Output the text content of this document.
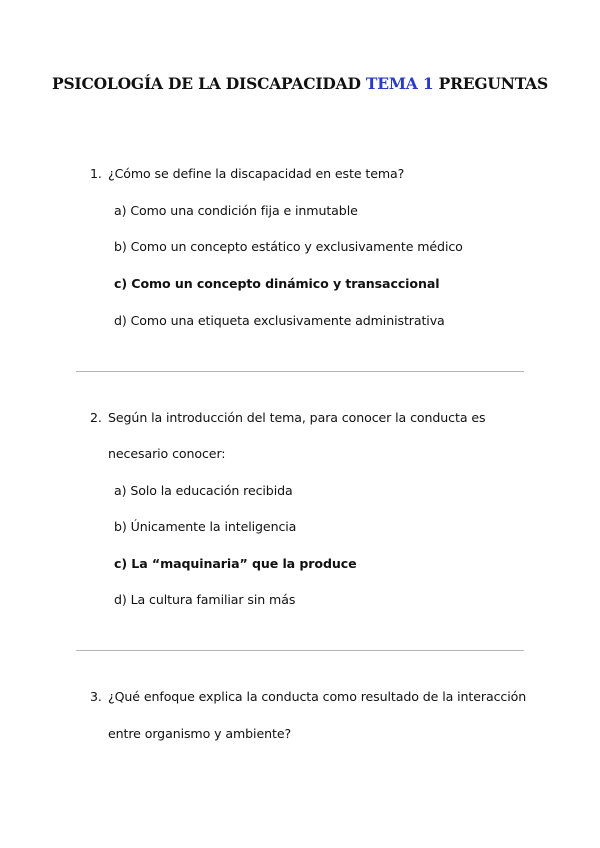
PSICOLOGÍA DE LA DISCAPACIDAD TEMA 1 PREGUNTAS
1. ¿Cómo se define la discapacidad en este tema?
a) Como una condición fija e inmutable
b) Como un concepto estático y exclusivamente médico
c) Como un concepto dinámico y transaccional
d) Como una etiqueta exclusivamente administrativa
2. Según la introducción del tema, para conocer la conducta es
necesario conocer:
a) Solo la educación recibida
b) Únicamente la inteligencia
c) La “maquinaria” que la produce
d) La cultura familiar sin más
3. ¿Qué enfoque explica la conducta como resultado de la interacción
entre organismo y ambiente?
